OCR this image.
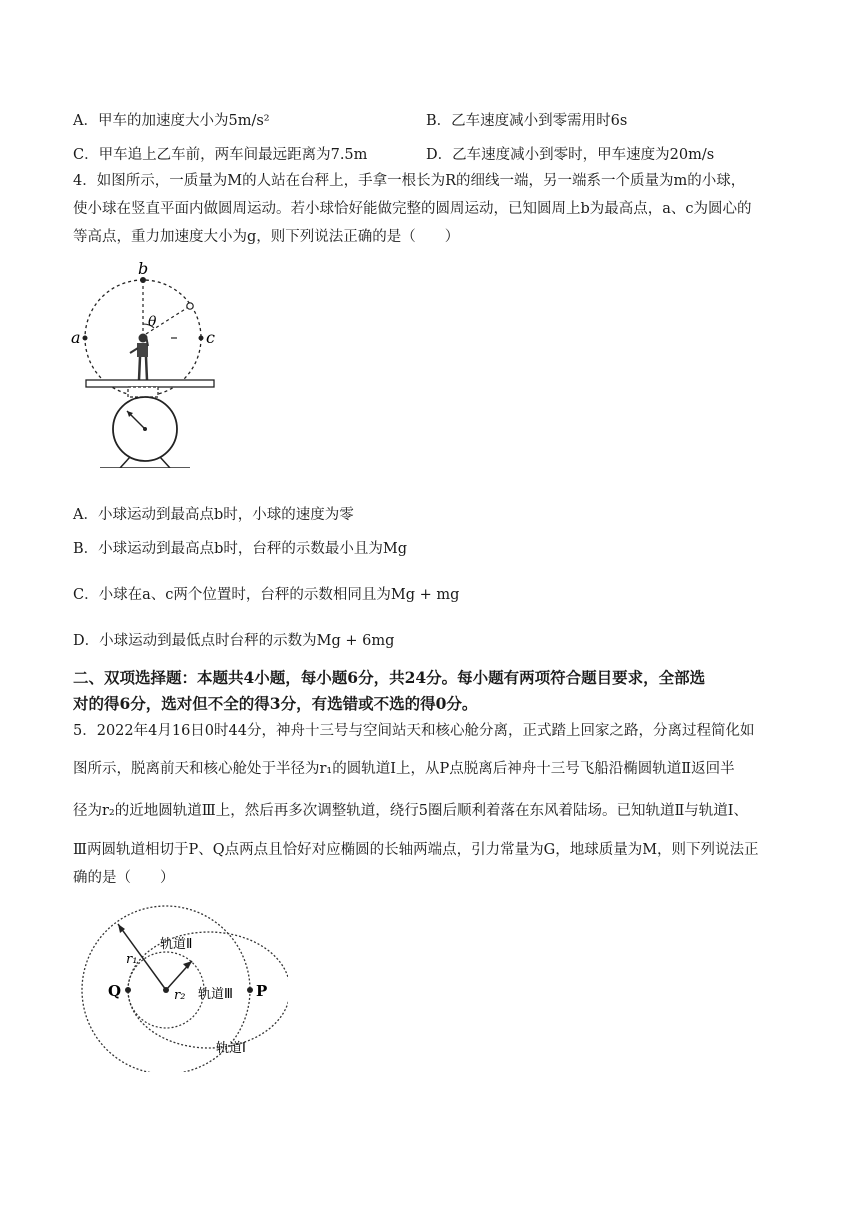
A．甲车的加速度大小为5m/s²	B．乙车速度减小到零需用时6s
C．甲车追上乙车前，两车间最远距离为7.5m	D．乙车速度减小到零时，甲车速度为20m/s
4．如图所示，一质量为M的人站在台秤上，手拿一根长为R的细线一端，另一端系一个质量为m的小球，
使小球在竖直平面内做圆周运动。若小球恰好能做完整的圆周运动，已知圆周上b为最高点，a、c为圆心的
等高点，重力加速度大小为g，则下列说法正确的是（　　）
b
a	c
θ
A．小球运动到最高点b时，小球的速度为零
B．小球运动到最高点b时，台秤的示数最小且为Mg
C．小球在a、c两个位置时，台秤的示数相同且为Mg + mg
D．小球运动到最低点时台秤的示数为Mg + 6mg
二、双项选择题：本题共4小题，每小题6分，共24分。每小题有两项符合题目要求，全部选
对的得6分，选对但不全的得3分，有选错或不选的得0分。
5．2022年4月16日0时44分，神舟十三号与空间站天和核心舱分离，正式踏上回家之路，分离过程简化如
图所示，脱离前天和核心舱处于半径为r₁的圆轨道Ⅰ上，从P点脱离后神舟十三号飞船沿椭圆轨道Ⅱ返回半
径为r₂的近地圆轨道Ⅲ上，然后再多次调整轨道，绕行5圈后顺利着落在东风着陆场。已知轨道Ⅱ与轨道Ⅰ、
Ⅲ两圆轨道相切于P、Q点两点且恰好对应椭圆的长轴两端点，引力常量为G，地球质量为M，则下列说法正
确的是（　　）
Q	P
r₁
r₂
轨道Ⅱ
轨道Ⅲ
轨道Ⅰ
